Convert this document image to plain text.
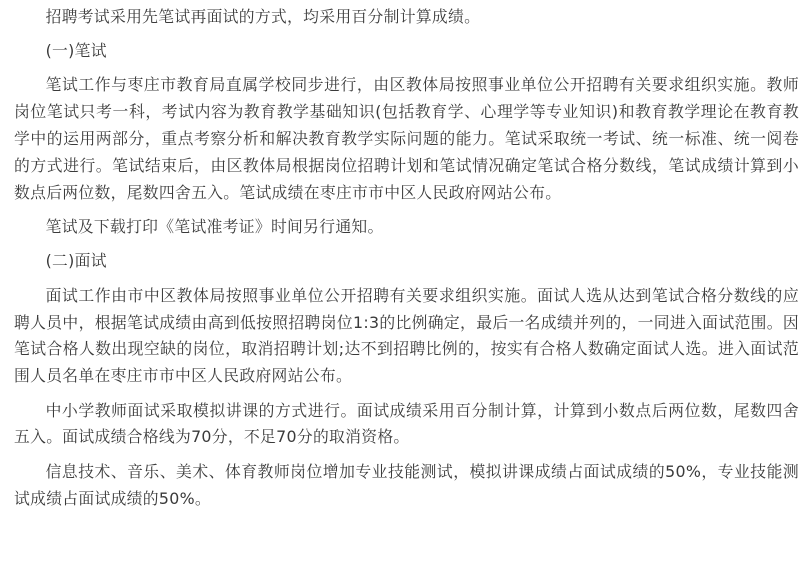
招聘考试采用先笔试再面试的方式，均采用百分制计算成绩。

(一)笔试

笔试工作与枣庄市教育局直属学校同步进行，由区教体局按照事业单位公开招聘有关要求组织实施。教师岗位笔试只考一科，考试内容为教育教学基础知识(包括教育学、心理学等专业知识)和教育教学理论在教育教学中的运用两部分，重点考察分析和解决教育教学实际问题的能力。笔试采取统一考试、统一标准、统一阅卷的方式进行。笔试结束后，由区教体局根据岗位招聘计划和笔试情况确定笔试合格分数线，笔试成绩计算到小数点后两位数，尾数四舍五入。笔试成绩在枣庄市市中区人民政府网站公布。

笔试及下载打印《笔试准考证》时间另行通知。

(二)面试

面试工作由市中区教体局按照事业单位公开招聘有关要求组织实施。面试人选从达到笔试合格分数线的应聘人员中，根据笔试成绩由高到低按照招聘岗位1:3的比例确定，最后一名成绩并列的，一同进入面试范围。因笔试合格人数出现空缺的岗位，取消招聘计划;达不到招聘比例的，按实有合格人数确定面试人选。进入面试范围人员名单在枣庄市市中区人民政府网站公布。

中小学教师面试采取模拟讲课的方式进行。面试成绩采用百分制计算，计算到小数点后两位数，尾数四舍五入。面试成绩合格线为70分，不足70分的取消资格。

信息技术、音乐、美术、体育教师岗位增加专业技能测试，模拟讲课成绩占面试成绩的50%，专业技能测试成绩占面试成绩的50%。
